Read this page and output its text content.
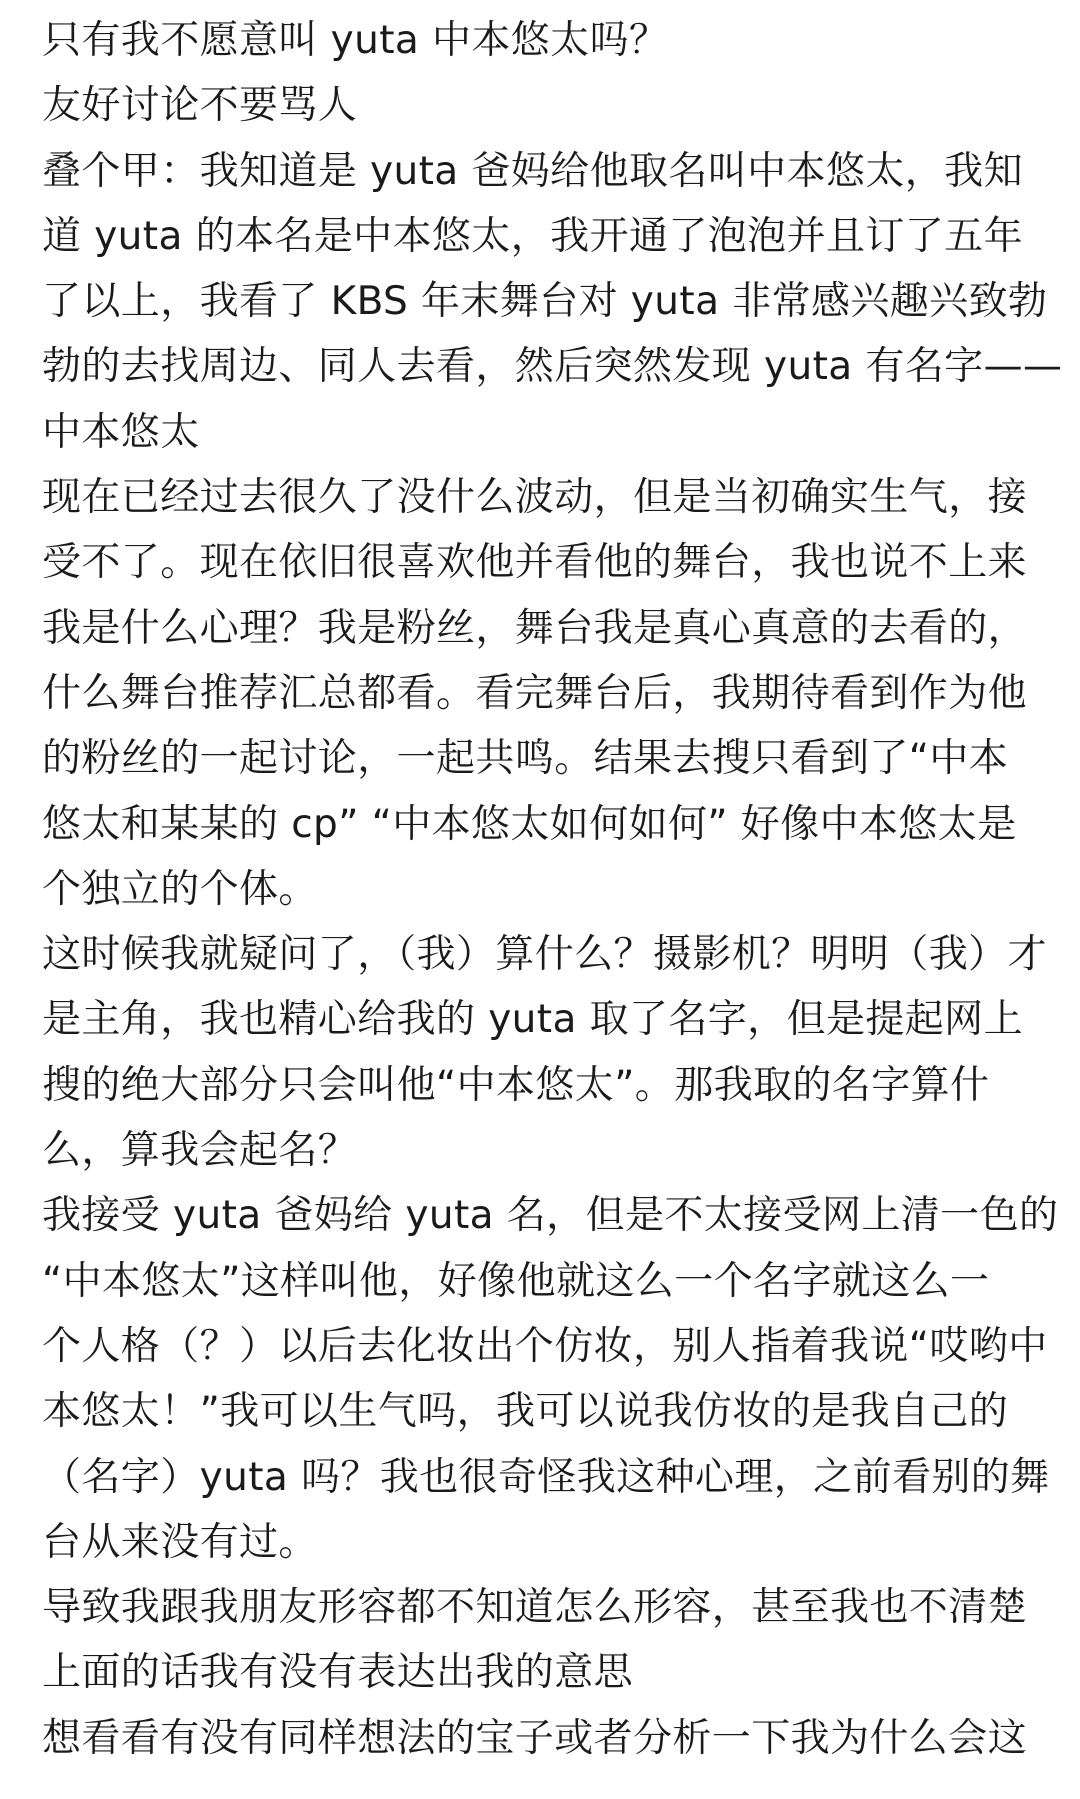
只有我不愿意叫 yuta 中本悠太吗？
友好讨论不要骂人
叠个甲：我知道是 yuta 爸妈给他取名叫中本悠太，我知
道 yuta 的本名是中本悠太，我开通了泡泡并且订了五年
了以上，我看了 KBS 年末舞台对 yuta 非常感兴趣兴致勃
勃的去找周边、同人去看，然后突然发现 yuta 有名字——
中本悠太
现在已经过去很久了没什么波动，但是当初确实生气，接
受不了。现在依旧很喜欢他并看他的舞台，我也说不上来
我是什么心理？我是粉丝，舞台我是真心真意的去看的，
什么舞台推荐汇总都看。看完舞台后，我期待看到作为他
的粉丝的一起讨论，一起共鸣。结果去搜只看到了“中本
悠太和某某的 cp” “中本悠太如何如何” 好像中本悠太是
个独立的个体。
这时候我就疑问了，（我）算什么？摄影机？明明（我）才
是主角，我也精心给我的 yuta 取了名字，但是提起网上
搜的绝大部分只会叫他“中本悠太”。那我取的名字算什
么，算我会起名？
我接受 yuta 爸妈给 yuta 名，但是不太接受网上清一色的
“中本悠太”这样叫他，好像他就这么一个名字就这么一
个人格（？）以后去化妆出个仿妆，别人指着我说“哎哟中
本悠太！”我可以生气吗，我可以说我仿妆的是我自己的
（名字）yuta 吗？我也很奇怪我这种心理，之前看别的舞
台从来没有过。
导致我跟我朋友形容都不知道怎么形容，甚至我也不清楚
上面的话我有没有表达出我的意思
想看看有没有同样想法的宝子或者分析一下我为什么会这
